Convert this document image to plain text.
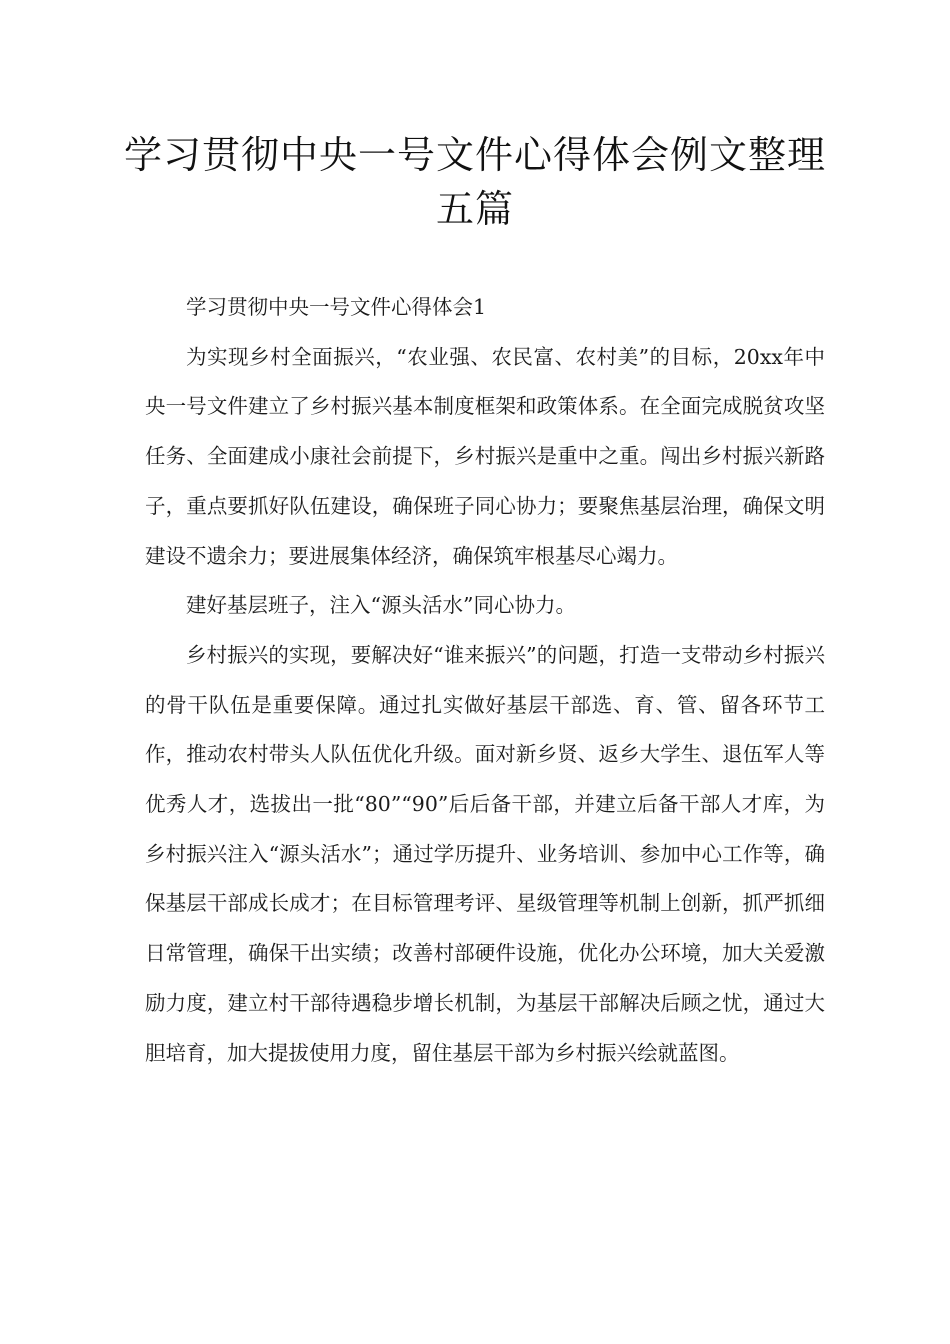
学习贯彻中央一号文件心得体会例文整理五篇

学习贯彻中央一号文件心得体会1

为实现乡村全面振兴，“农业强、农民富、农村美”的目标，20xx年中央一号文件建立了乡村振兴基本制度框架和政策体系。在全面完成脱贫攻坚任务、全面建成小康社会前提下，乡村振兴是重中之重。闯出乡村振兴新路子，重点要抓好队伍建设，确保班子同心协力；要聚焦基层治理，确保文明建设不遗余力；要进展集体经济，确保筑牢根基尽心竭力。

建好基层班子，注入“源头活水”同心协力。

乡村振兴的实现，要解决好“谁来振兴”的问题，打造一支带动乡村振兴的骨干队伍是重要保障。通过扎实做好基层干部选、育、管、留各环节工作，推动农村带头人队伍优化升级。面对新乡贤、返乡大学生、退伍军人等优秀人才，选拔出一批“80”“90”后后备干部，并建立后备干部人才库，为乡村振兴注入“源头活水”；通过学历提升、业务培训、参加中心工作等，确保基层干部成长成才；在目标管理考评、星级管理等机制上创新，抓严抓细日常管理，确保干出实绩；改善村部硬件设施，优化办公环境，加大关爱激励力度，建立村干部待遇稳步增长机制，为基层干部解决后顾之忧，通过大胆培育，加大提拔使用力度，留住基层干部为乡村振兴绘就蓝图。
